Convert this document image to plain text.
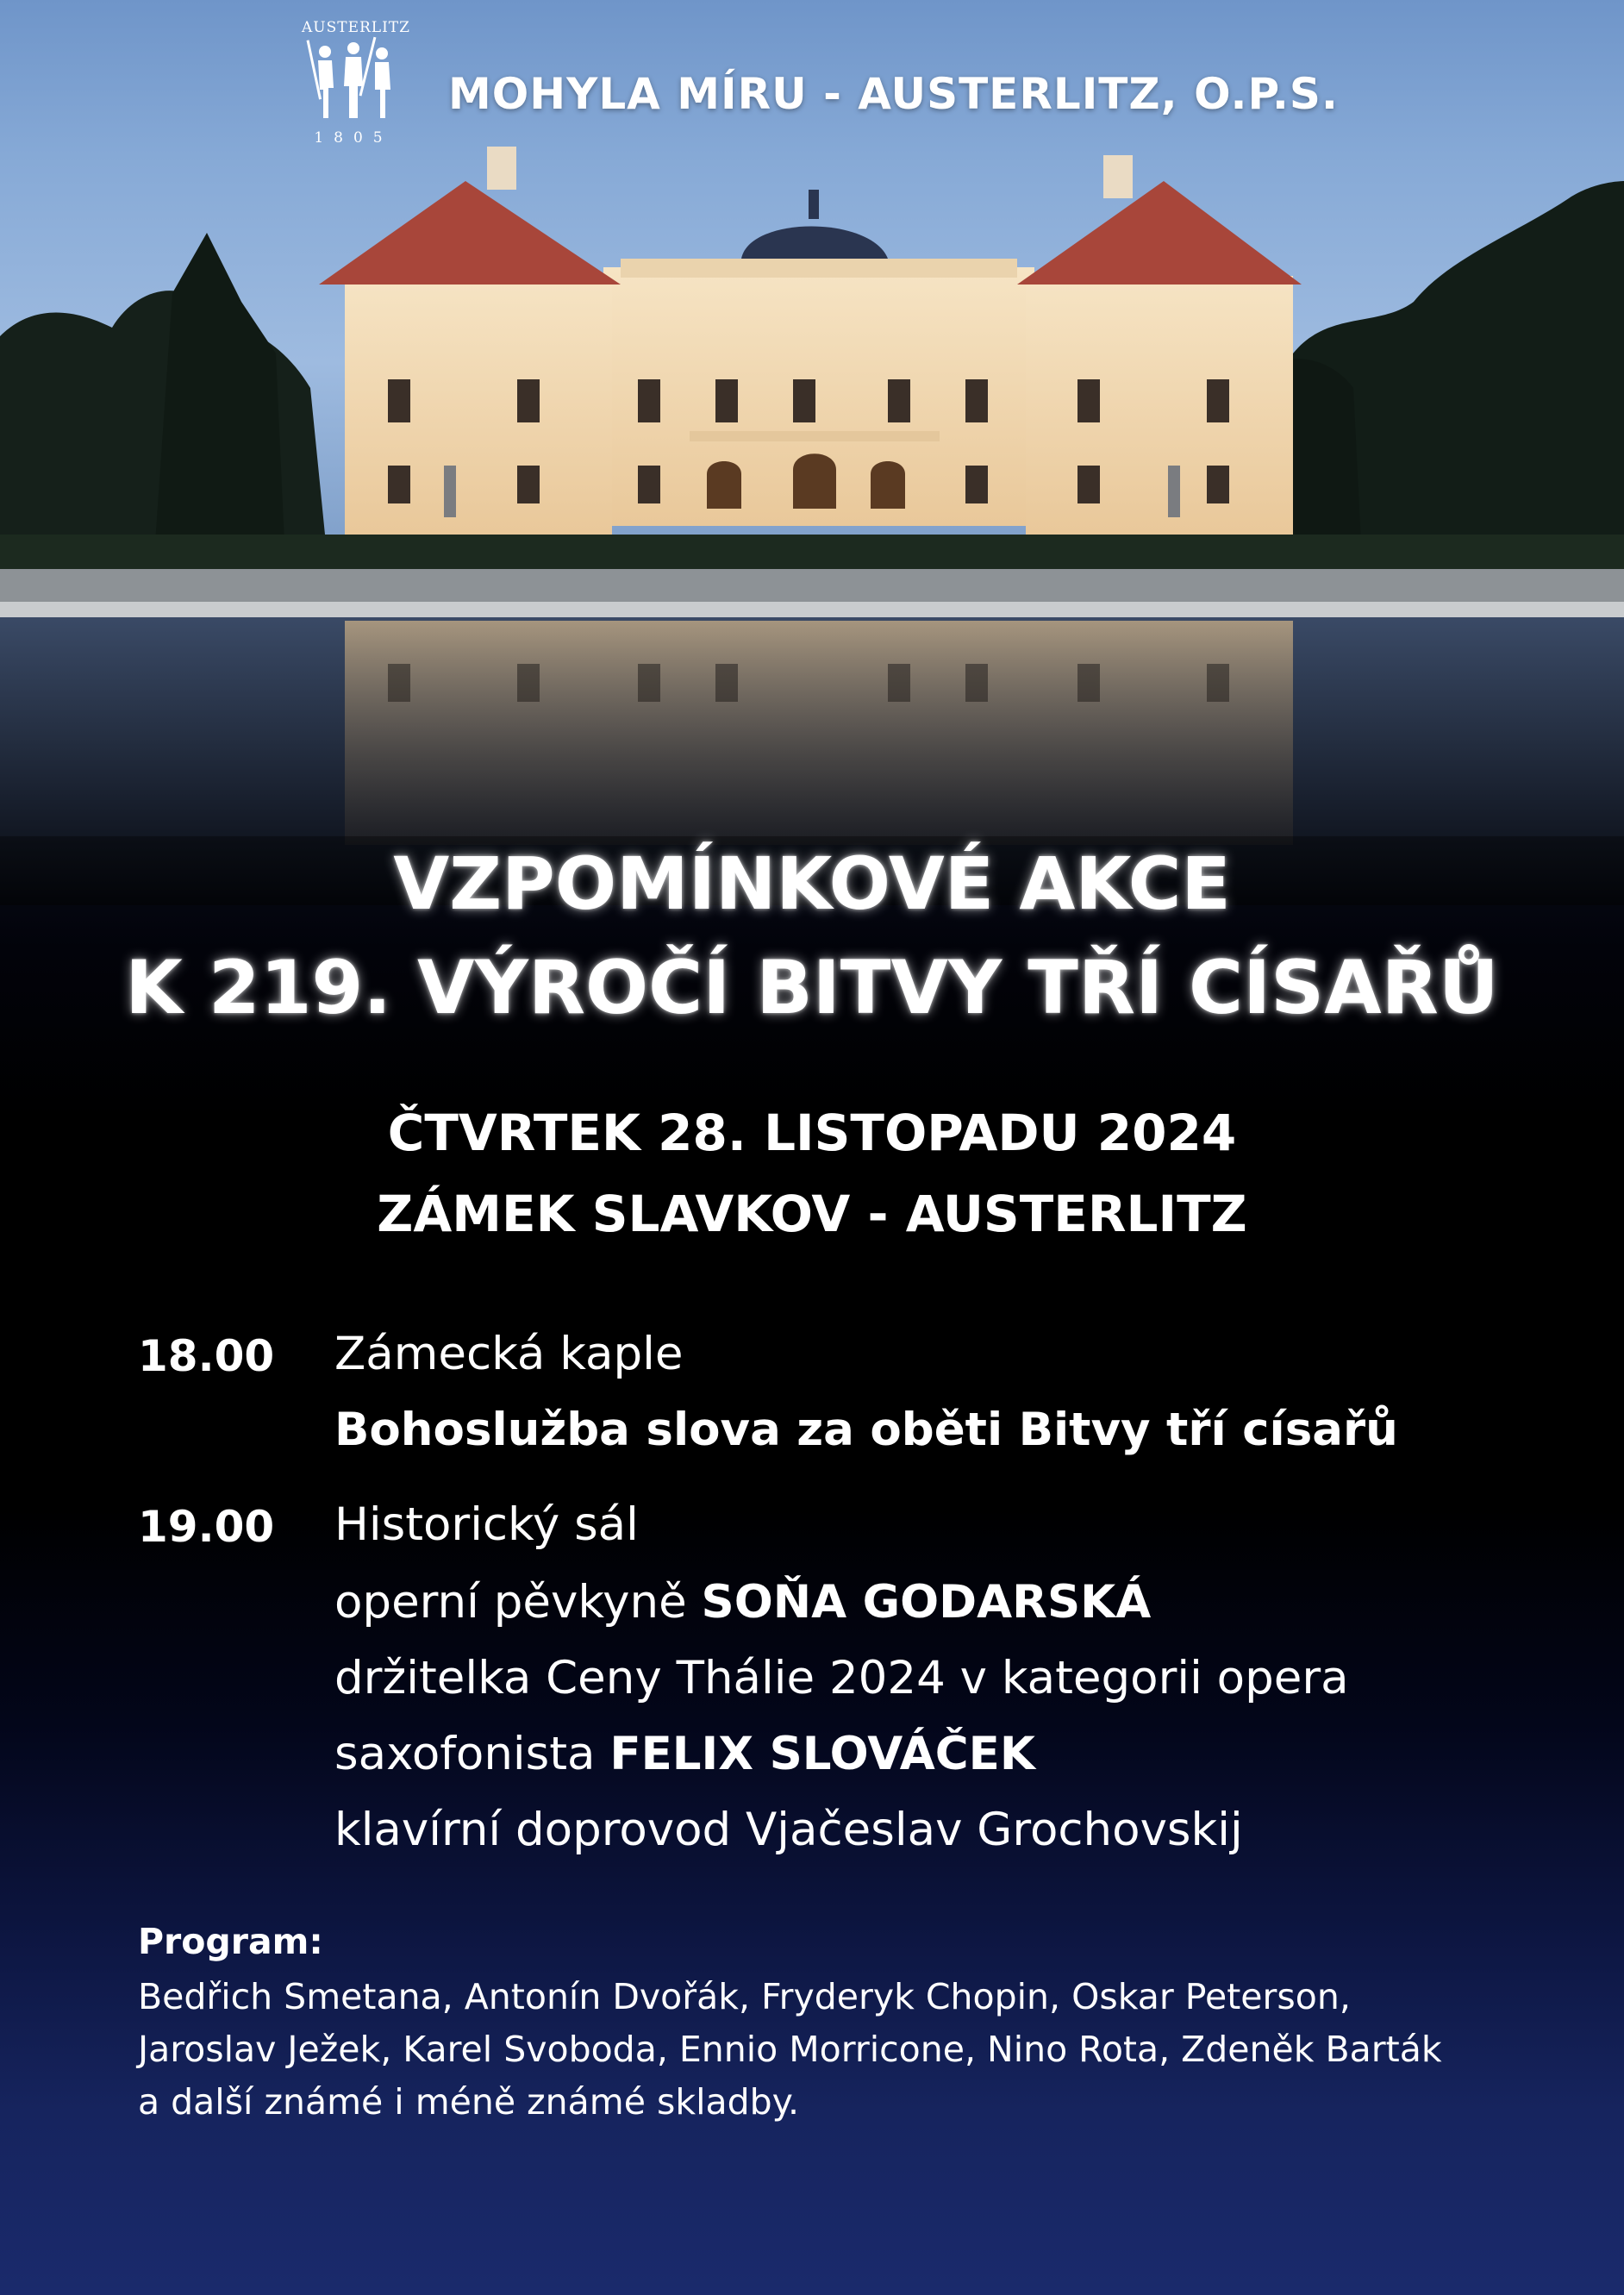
AUSTERLITZ
1805
MOHYLA MÍRU - AUSTERLITZ, O.P.S.
VZPOMÍNKOVÉ AKCE
K 219. VÝROČÍ BITVY TŘÍ CÍSAŘŮ
ČTVRTEK 28. LISTOPADU 2024
ZÁMEK SLAVKOV - AUSTERLITZ
18.00 Zámecká kaple
Bohoslužba slova za oběti Bitvy tří císařů
19.00 Historický sál
operní pěvkyně SOŇA GODARSKÁ
držitelka Ceny Thálie 2024 v kategorii opera
saxofonista FELIX SLOVÁČEK
klavírní doprovod Vjačeslav Grochovskij
Program:
Bedřich Smetana, Antonín Dvořák, Fryderyk Chopin, Oskar Peterson,
Jaroslav Ježek, Karel Svoboda, Ennio Morricone, Nino Rota, Zdeněk Barták
a další známé i méně známé skladby.
